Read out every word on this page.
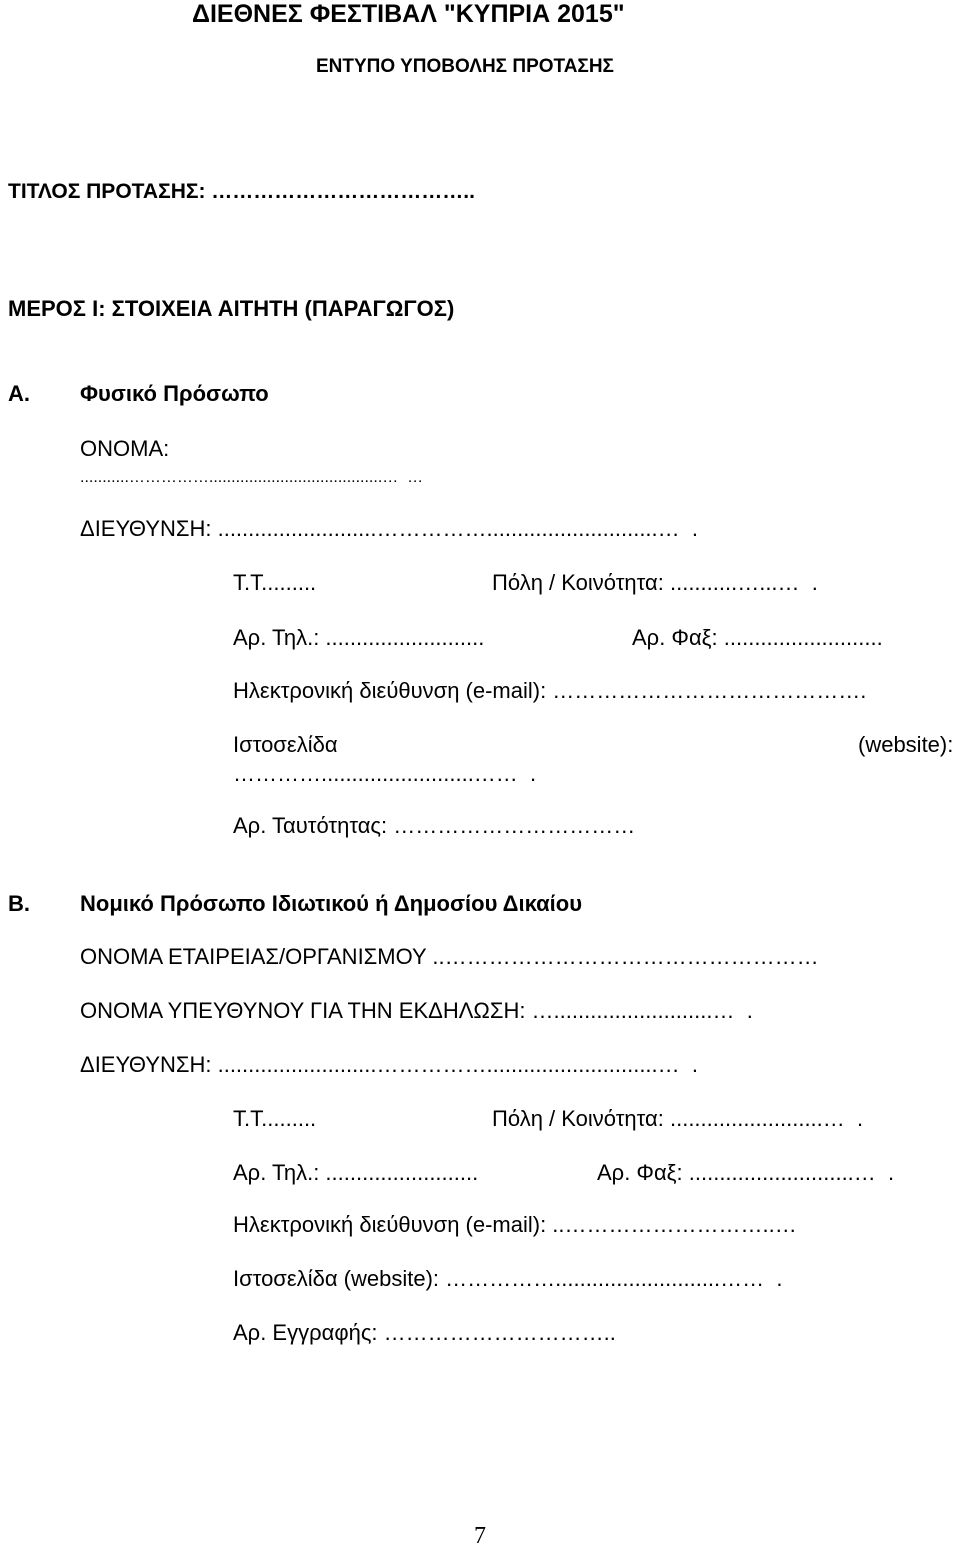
ΔΙΕΘΝΕΣ ΦΕΣΤΙΒΑΛ "ΚΥΠΡΙΑ 2015"
ΕΝΤΥΠΟ ΥΠΟΒΟΛΗΣ ΠΡΟΤΑΣΗΣ
ΤΙΤΛΟΣ ΠΡΟΤΑΣΗΣ: ………………………………..
ΜΕΡΟΣ Ι: ΣΤΟΙΧΕΙΑ ΑΙΤΗΤΗ (ΠΑΡΑΓΩΓΟΣ)
Α. Φυσικό Πρόσωπο
ΟΝΟΜΑ:
...........…………….......................................…  …
ΔΙΕΥΘΥΝΣΗ: ..........................……………............................…  .
Τ.Τ.........	Πόλη / Κοινότητα: ...........…...…  .
Αρ. Τηλ.: ..........................	Αρ. Φαξ: ..........................
Ηλεκτρονική διεύθυνση (e-mail): …………………………………….
Ιστοσελίδα	(website):
………….........................……  .
Αρ. Ταυτότητας: ……………………………
Β. Νομικό Πρόσωπο Ιδιωτικού ή Δημοσίου Δικαίου
ΟΝΟΜΑ ΕΤΑΙΡΕΙΑΣ/ΟΡΓΑΝΙΣΜΟΥ ..……………………………………………
ΟΝΟΜΑ ΥΠΕΥΘΥΝΟΥ ΓΙΑ ΤΗΝ ΕΚΔΗΛΩΣΗ: …..........................…  .
ΔΙΕΥΘΥΝΣΗ: ..........................……………............................…  .
Τ.Τ.........	Πόλη / Κοινότητα: .........................…  .
Αρ. Τηλ.: .........................	Αρ. Φαξ: ...........................…  .
Ηλεκτρονική διεύθυνση (e-mail): ..………………………..…
Ιστοσελίδα (website): ……………...........................……  .
Αρ. Εγγραφής: …………………………..
7
